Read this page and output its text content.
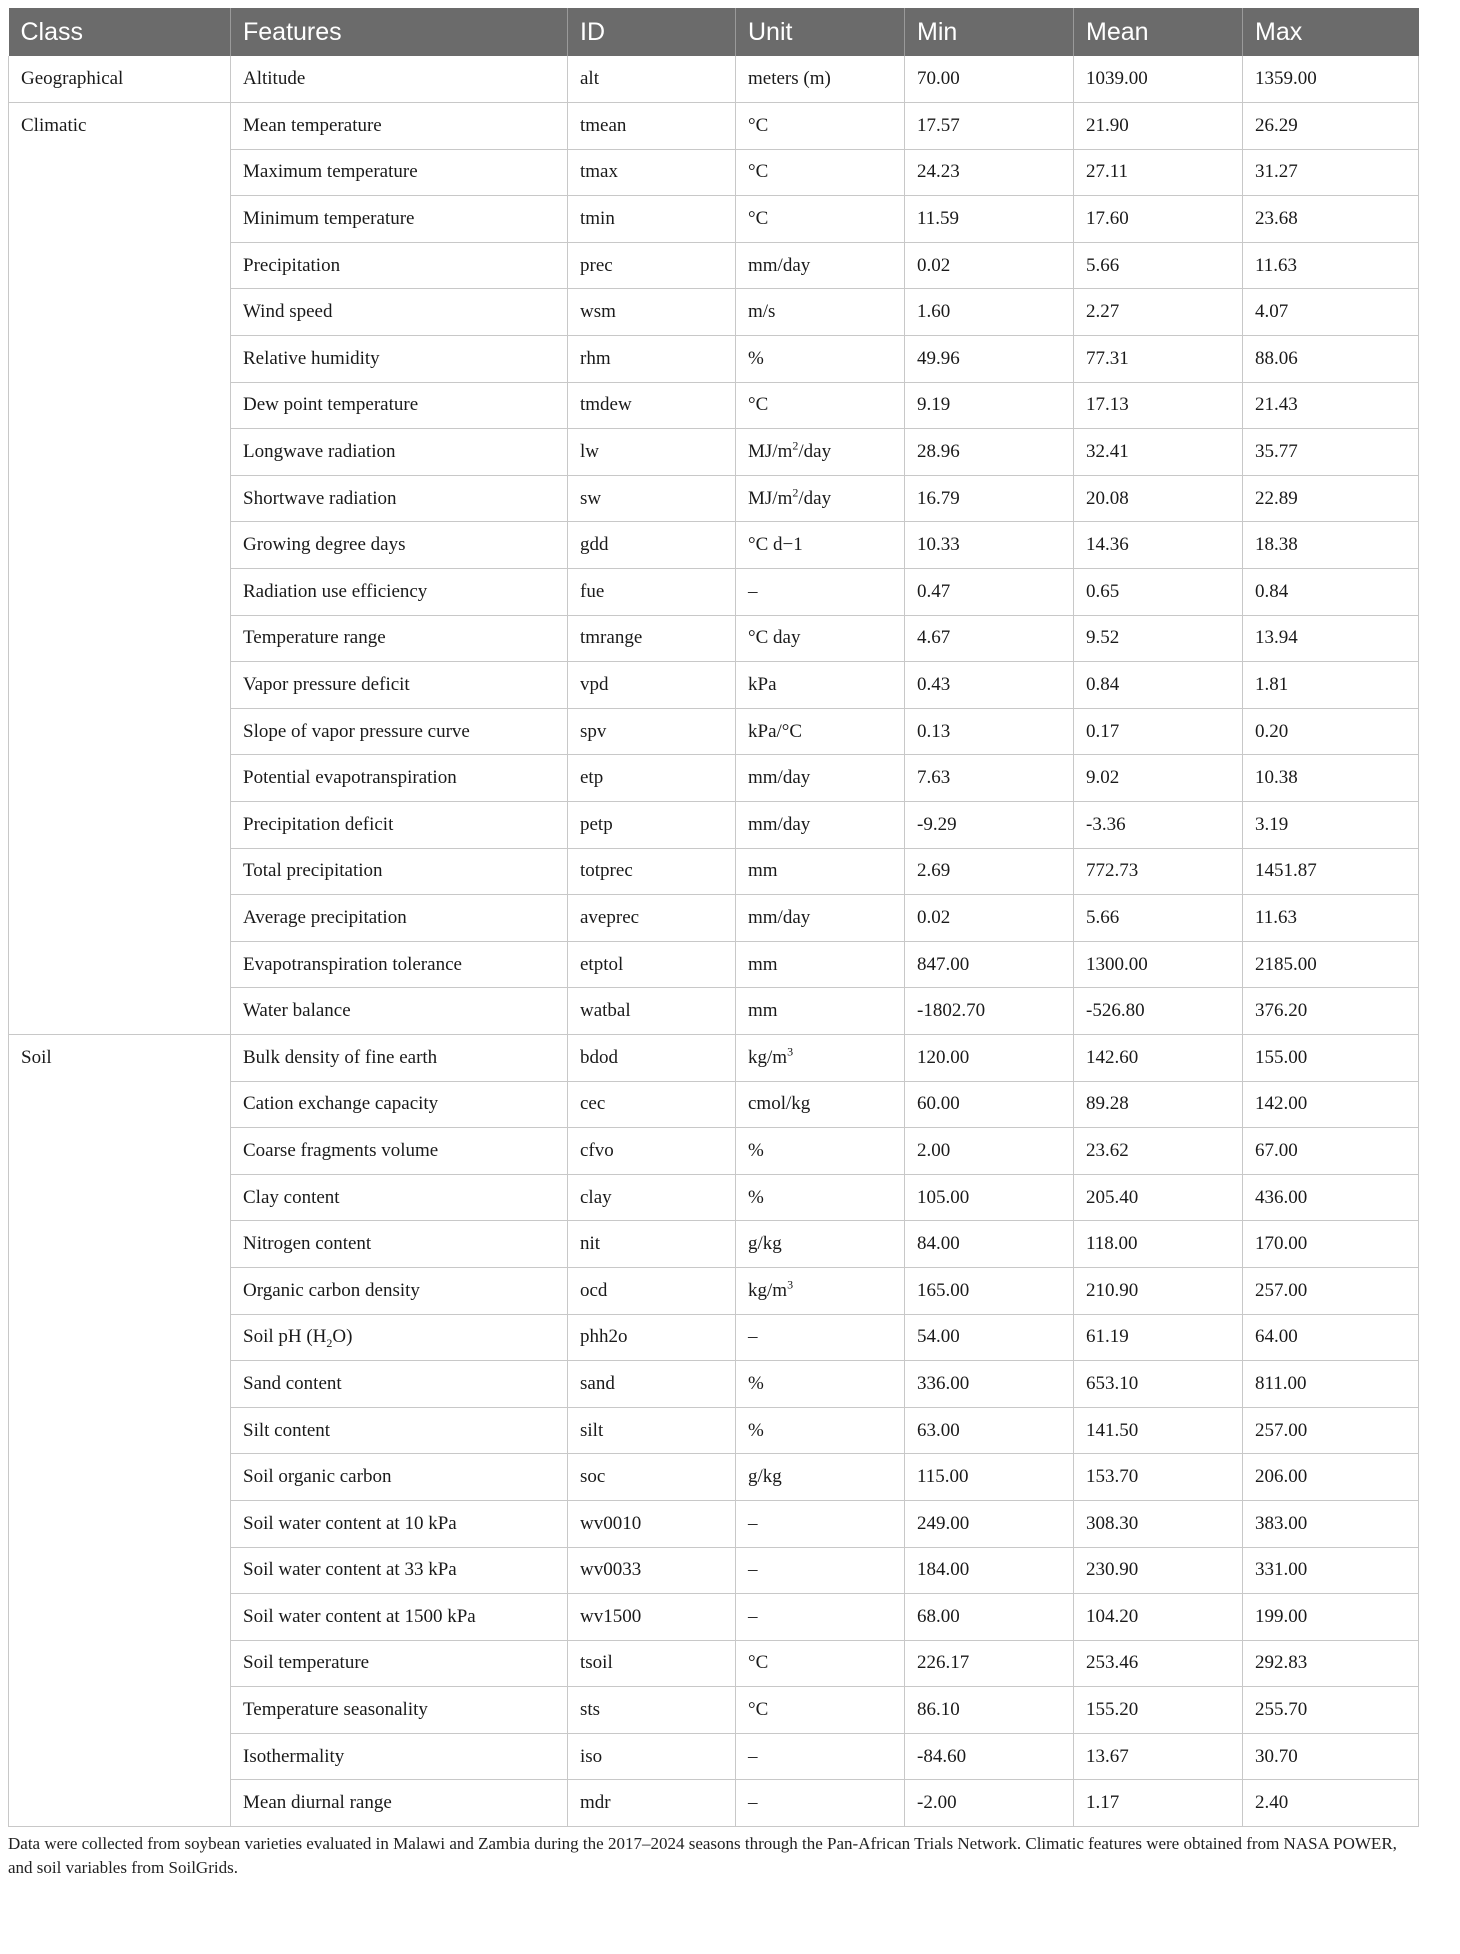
Class	Features	ID	Unit	Min	Mean	Max
Geographical	Altitude	alt	meters (m)	70.00	1039.00	1359.00
Climatic	Mean temperature	tmean	°C	17.57	21.90	26.29
	Maximum temperature	tmax	°C	24.23	27.11	31.27
	Minimum temperature	tmin	°C	11.59	17.60	23.68
	Precipitation	prec	mm/day	0.02	5.66	11.63
	Wind speed	wsm	m/s	1.60	2.27	4.07
	Relative humidity	rhm	%	49.96	77.31	88.06
	Dew point temperature	tmdew	°C	9.19	17.13	21.43
	Longwave radiation	lw	$MJ/m^2$/day	28.96	32.41	35.77
	Shortwave radiation	sw	$MJ/m^2$/day	16.79	20.08	22.89
	Growing degree days	gdd	°C d−1	10.33	14.36	18.38
	Radiation use efficiency	fue	–	0.47	0.65	0.84
	Temperature range	tmrange	°C day	4.67	9.52	13.94
	Vapor pressure deficit	vpd	kPa	0.43	0.84	1.81
	Slope of vapor pressure curve	spv	kPa/°C	0.13	0.17	0.20
	Potential evapotranspiration	etp	mm/day	7.63	9.02	10.38
	Precipitation deficit	petp	mm/day	-9.29	-3.36	3.19
	Total precipitation	totprec	mm	2.69	772.73	1451.87
	Average precipitation	aveprec	mm/day	0.02	5.66	11.63
	Evapotranspiration tolerance	etptol	mm	847.00	1300.00	2185.00
	Water balance	watbal	mm	-1802.70	-526.80	376.20
Soil	Bulk density of fine earth	bdod	$kg/m^3$	120.00	142.60	155.00
	Cation exchange capacity	cec	cmol/kg	60.00	89.28	142.00
	Coarse fragments volume	cfvo	%	2.00	23.62	67.00
	Clay content	clay	%	105.00	205.40	436.00
	Nitrogen content	nit	g/kg	84.00	118.00	170.00
	Organic carbon density	ocd	$kg/m^3$	165.00	210.90	257.00
	Soil pH $(H_2O)$	phh2o	–	54.00	61.19	64.00
	Sand content	sand	%	336.00	653.10	811.00
	Silt content	silt	%	63.00	141.50	257.00
	Soil organic carbon	soc	g/kg	115.00	153.70	206.00
	Soil water content at 10 kPa	wv0010	–	249.00	308.30	383.00
	Soil water content at 33 kPa	wv0033	–	184.00	230.90	331.00
	Soil water content at 1500 kPa	wv1500	–	68.00	104.20	199.00
	Soil temperature	tsoil	°C	226.17	253.46	292.83
	Temperature seasonality	sts	°C	86.10	155.20	255.70
	Isothermality	iso	–	-84.60	13.67	30.70
	Mean diurnal range	mdr	–	-2.00	1.17	2.40
Data were collected from soybean varieties evaluated in Malawi and Zambia during the 2017–2024 seasons through the Pan-African Trials Network. Climatic features were obtained from NASA POWER, and soil variables from SoilGrids.
